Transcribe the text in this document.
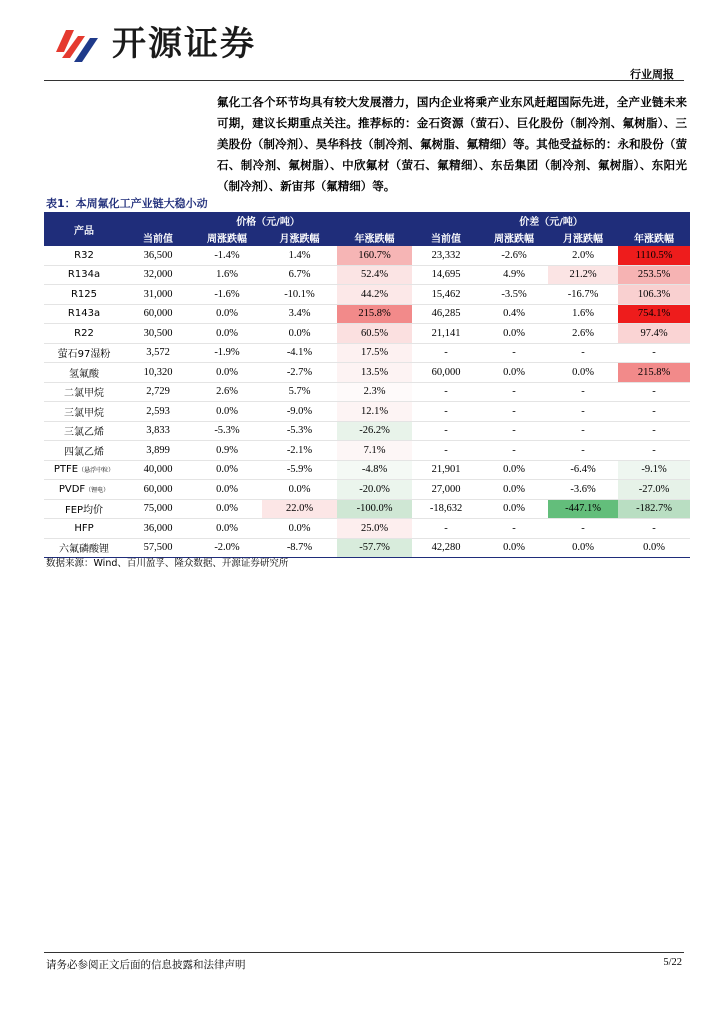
开源证券
行业周报
氟化工各个环节均具有较大发展潜力，国内企业将乘产业东风赶超国际先进，全产业链未来可期，建议长期重点关注。推荐标的：金石资源（萤石）、巨化股份（制冷剂、氟树脂）、三美股份（制冷剂）、昊华科技（制冷剂、氟树脂、氟精细）等。其他受益标的：永和股份（萤石、制冷剂、氟树脂）、中欣氟材（萤石、氟精细）、东岳集团（制冷剂、氟树脂）、东阳光（制冷剂）、新宙邦（氟精细）等。
表1：本周氟化工产业链大稳小动
产品	价格（元/吨）				价差（元/吨）			
	当前值	周涨跌幅	月涨跌幅	年涨跌幅	当前值	周涨跌幅	月涨跌幅	年涨跌幅
R32	36,500	-1.4%	1.4%	160.7%	23,332	-2.6%	2.0%	1110.5%
R134a	32,000	1.6%	6.7%	52.4%	14,695	4.9%	21.2%	253.5%
R125	31,000	-1.6%	-10.1%	44.2%	15,462	-3.5%	-16.7%	106.3%
R143a	60,000	0.0%	3.4%	215.8%	46,285	0.4%	1.6%	754.1%
R22	30,500	0.0%	0.0%	60.5%	21,141	0.0%	2.6%	97.4%
萤石97湿粉	3,572	-1.9%	-4.1%	17.5%	-	-	-	-
氢氟酸	10,320	0.0%	-2.7%	13.5%	60,000	0.0%	0.0%	215.8%
二氯甲烷	2,729	2.6%	5.7%	2.3%	-	-	-	-
三氯甲烷	2,593	0.0%	-9.0%	12.1%	-	-	-	-
三氯乙烯	3,833	-5.3%	-5.3%	-26.2%	-	-	-	-
四氯乙烯	3,899	0.9%	-2.1%	7.1%	-	-	-	-
PTFE（悬浮中粒）	40,000	0.0%	-5.9%	-4.8%	21,901	0.0%	-6.4%	-9.1%
PVDF（锂电）	60,000	0.0%	0.0%	-20.0%	27,000	0.0%	-3.6%	-27.0%
FEP均价	75,000	0.0%	22.0%	-100.0%	-18,632	0.0%	-447.1%	-182.7%
HFP	36,000	0.0%	0.0%	25.0%	-	-	-	-
六氟磷酸锂	57,500	-2.0%	-8.7%	-57.7%	42,280	0.0%	0.0%	0.0%
数据来源：Wind、百川盈孚、隆众数据、开源证券研究所
请务必参阅正文后面的信息披露和法律声明	5/22
